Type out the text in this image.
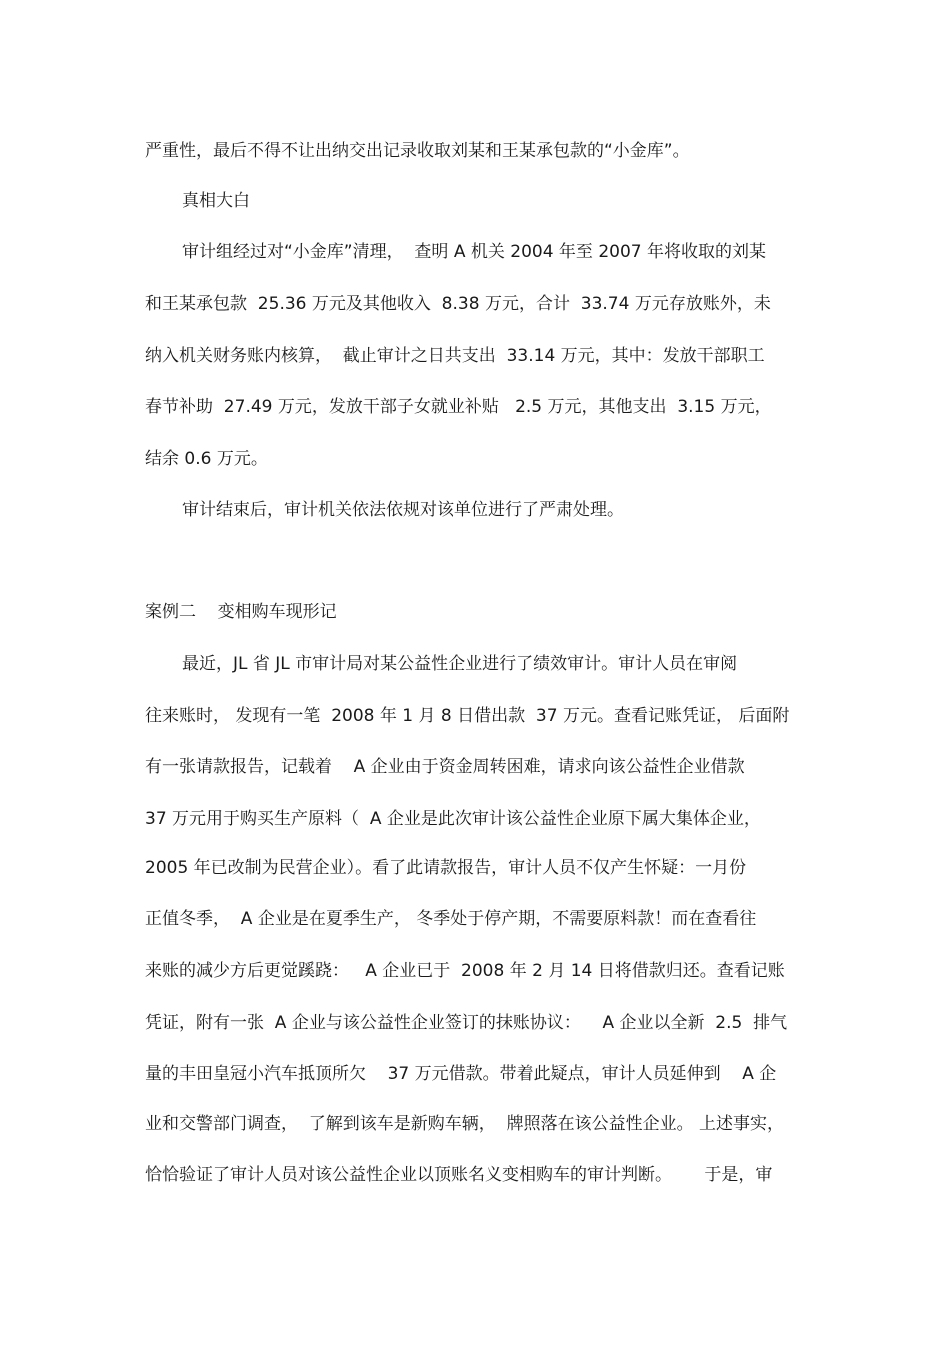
严重性，最后不得不让出纳交出记录收取刘某和王某承包款的“小金库”。
真相大白
审计组经过对“小金库”清理，  查明 A 机关 2004 年至 2007 年将收取的刘某
和王某承包款  25.36 万元及其他收入  8.38 万元，合计  33.74 万元存放账外，未
纳入机关财务账内核算，  截止审计之日共支出  33.14 万元，其中：发放干部职工
春节补助  27.49 万元，发放干部子女就业补贴   2.5 万元，其他支出  3.15 万元，
结余 0.6 万元。
审计结束后，审计机关依法依规对该单位进行了严肃处理。
案例二    变相购车现形记
最近，JL 省 JL 市审计局对某公益性企业进行了绩效审计。审计人员在审阅
往来账时， 发现有一笔  2008 年 1 月 8 日借出款  37 万元。查看记账凭证， 后面附
有一张请款报告，记载着    A 企业由于资金周转困难，请求向该公益性企业借款
37 万元用于购买生产原料（  A 企业是此次审计该公益性企业原下属大集体企业，
2005 年已改制为民营企业）。看了此请款报告，审计人员不仅产生怀疑：一月份
正值冬季，  A 企业是在夏季生产， 冬季处于停产期，不需要原料款！而在查看往
来账的减少方后更觉蹊跷：   A 企业已于  2008 年 2 月 14 日将借款归还。查看记账
凭证，附有一张  A 企业与该公益性企业签订的抹账协议：    A 企业以全新  2.5  排气
量的丰田皇冠小汽车抵顶所欠    37 万元借款。带着此疑点，审计人员延伸到    A 企
业和交警部门调查，  了解到该车是新购车辆，  牌照落在该公益性企业。 上述事实，
恰恰验证了审计人员对该公益性企业以顶账名义变相购车的审计判断。      于是，审
